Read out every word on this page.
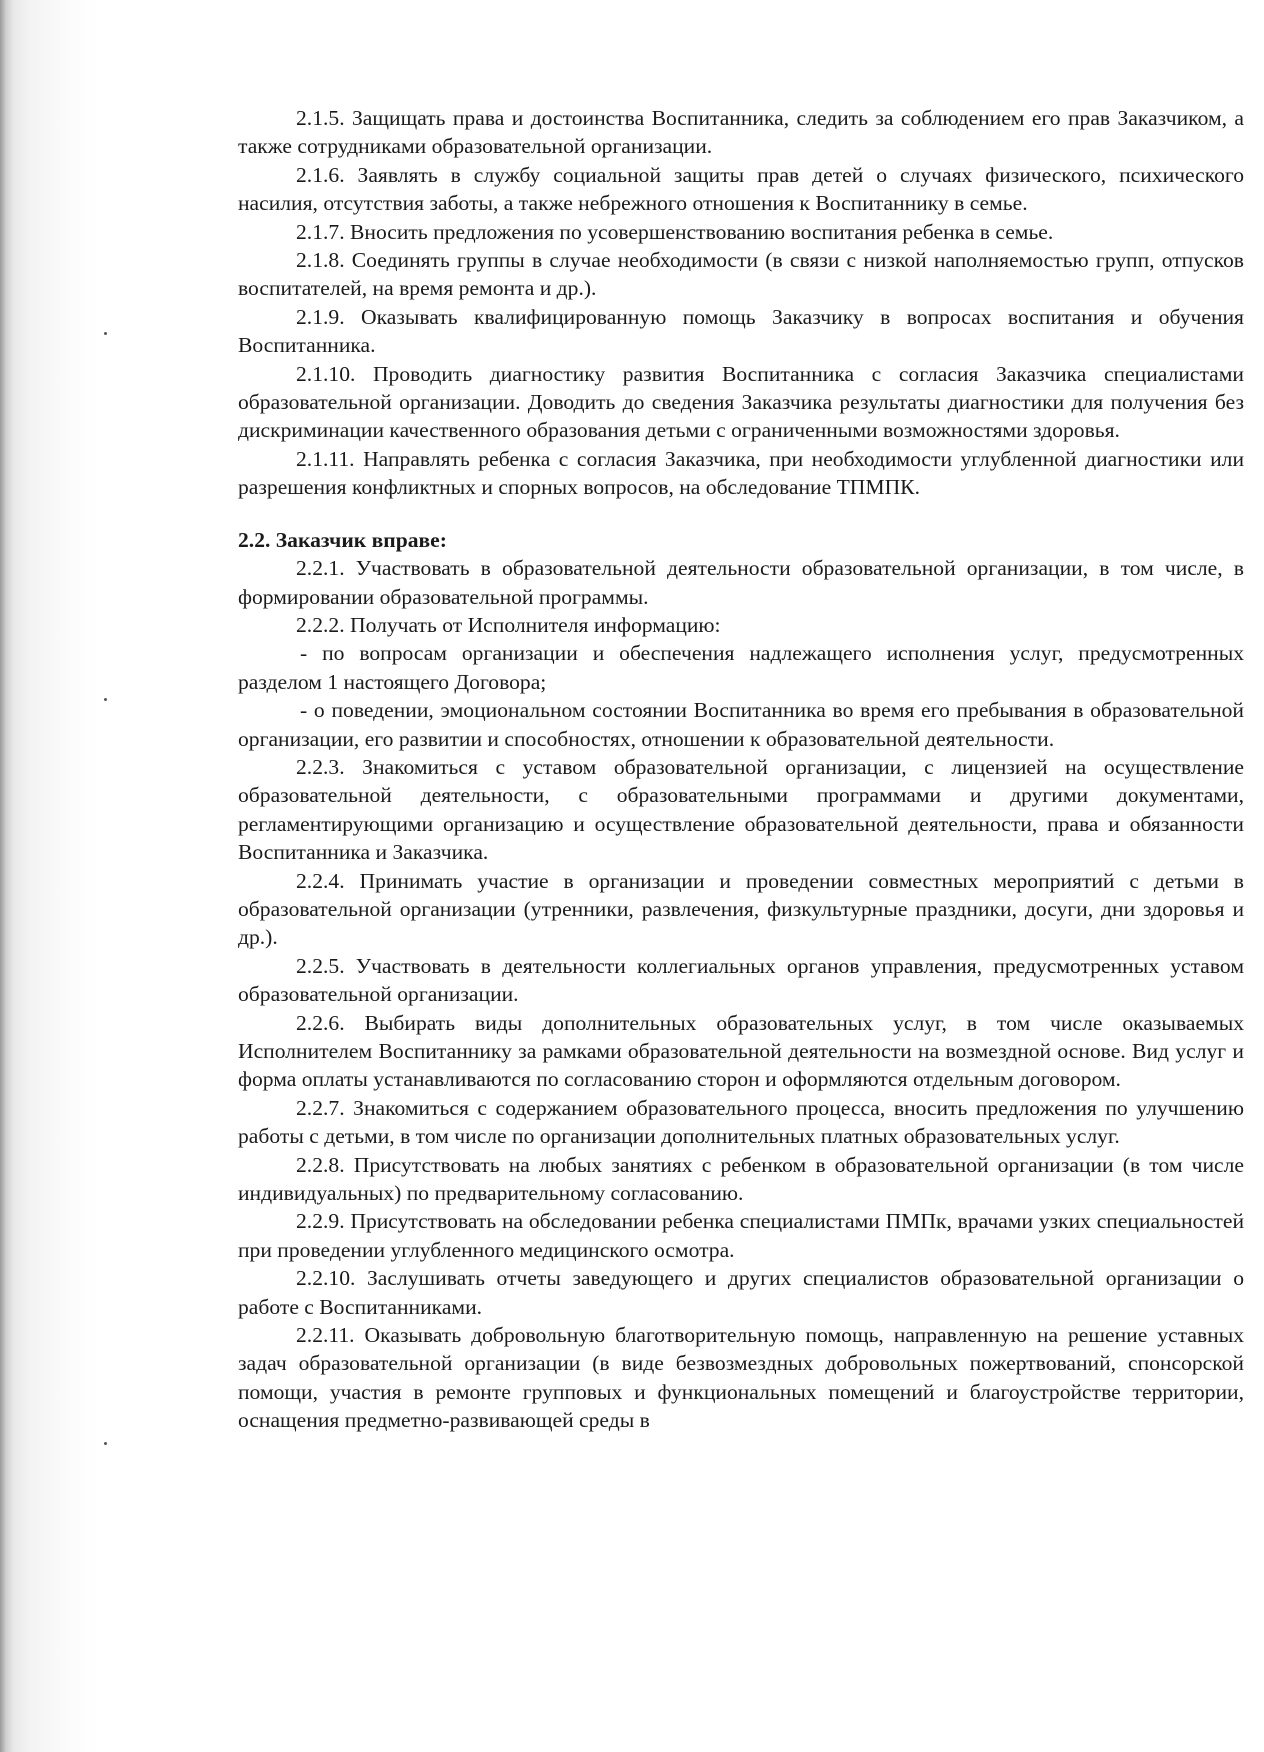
2.1.5. Защищать права и достоинства Воспитанника, следить за соблюдением его прав Заказчиком, а также сотрудниками образовательной организации.

2.1.6. Заявлять в службу социальной защиты прав детей о случаях физического, психического насилия, отсутствия заботы, а также небрежного отношения к Воспитаннику в семье.

2.1.7. Вносить предложения по усовершенствованию воспитания ребенка в семье.

2.1.8. Соединять группы в случае необходимости (в связи с низкой наполняемостью групп, отпусков воспитателей, на время ремонта и др.).

2.1.9. Оказывать квалифицированную помощь Заказчику в вопросах воспитания и обучения Воспитанника.

2.1.10. Проводить диагностику развития Воспитанника с согласия Заказчика специалистами образовательной организации. Доводить до сведения Заказчика результаты диагностики для получения без дискриминации качественного образования детьми с ограниченными возможностями здоровья.

2.1.11. Направлять ребенка с согласия Заказчика, при необходимости углубленной диагностики или разрешения конфликтных и спорных вопросов, на обследование ТПМПК.

2.2. Заказчик вправе:

2.2.1. Участвовать в образовательной деятельности образовательной организации, в том числе, в формировании образовательной программы.

2.2.2. Получать от Исполнителя информацию:

- по вопросам организации и обеспечения надлежащего исполнения услуг, предусмотренных разделом 1 настоящего Договора;

- о поведении, эмоциональном состоянии Воспитанника во время его пребывания в образовательной организации, его развитии и способностях, отношении к образовательной деятельности.

2.2.3. Знакомиться с уставом образовательной организации, с лицензией на осуществление образовательной деятельности, с образовательными программами и другими документами, регламентирующими организацию и осуществление образовательной деятельности, права и обязанности Воспитанника и Заказчика.

2.2.4. Принимать участие в организации и проведении совместных мероприятий с детьми в образовательной организации (утренники, развлечения, физкультурные праздники, досуги, дни здоровья и др.).

2.2.5. Участвовать в деятельности коллегиальных органов управления, предусмотренных уставом образовательной организации.

2.2.6. Выбирать виды дополнительных образовательных услуг, в том числе оказываемых Исполнителем Воспитаннику за рамками образовательной деятельности на возмездной основе. Вид услуг и форма оплаты устанавливаются по согласованию сторон и оформляются отдельным договором.

2.2.7. Знакомиться с содержанием образовательного процесса, вносить предложения по улучшению работы с детьми, в том числе по организации дополнительных платных образовательных услуг.

2.2.8. Присутствовать на любых занятиях с ребенком в образовательной организации (в том числе индивидуальных) по предварительному согласованию.

2.2.9. Присутствовать на обследовании ребенка специалистами ПМПк, врачами узких специальностей при проведении углубленного медицинского осмотра.

2.2.10. Заслушивать отчеты заведующего и других специалистов образовательной организации о работе с Воспитанниками.

2.2.11. Оказывать добровольную благотворительную помощь, направленную на решение уставных задач образовательной организации (в виде безвозмездных добровольных пожертвований, спонсорской помощи, участия в ремонте групповых и функциональных помещений и благоустройстве территории, оснащения предметно-развивающей среды в
